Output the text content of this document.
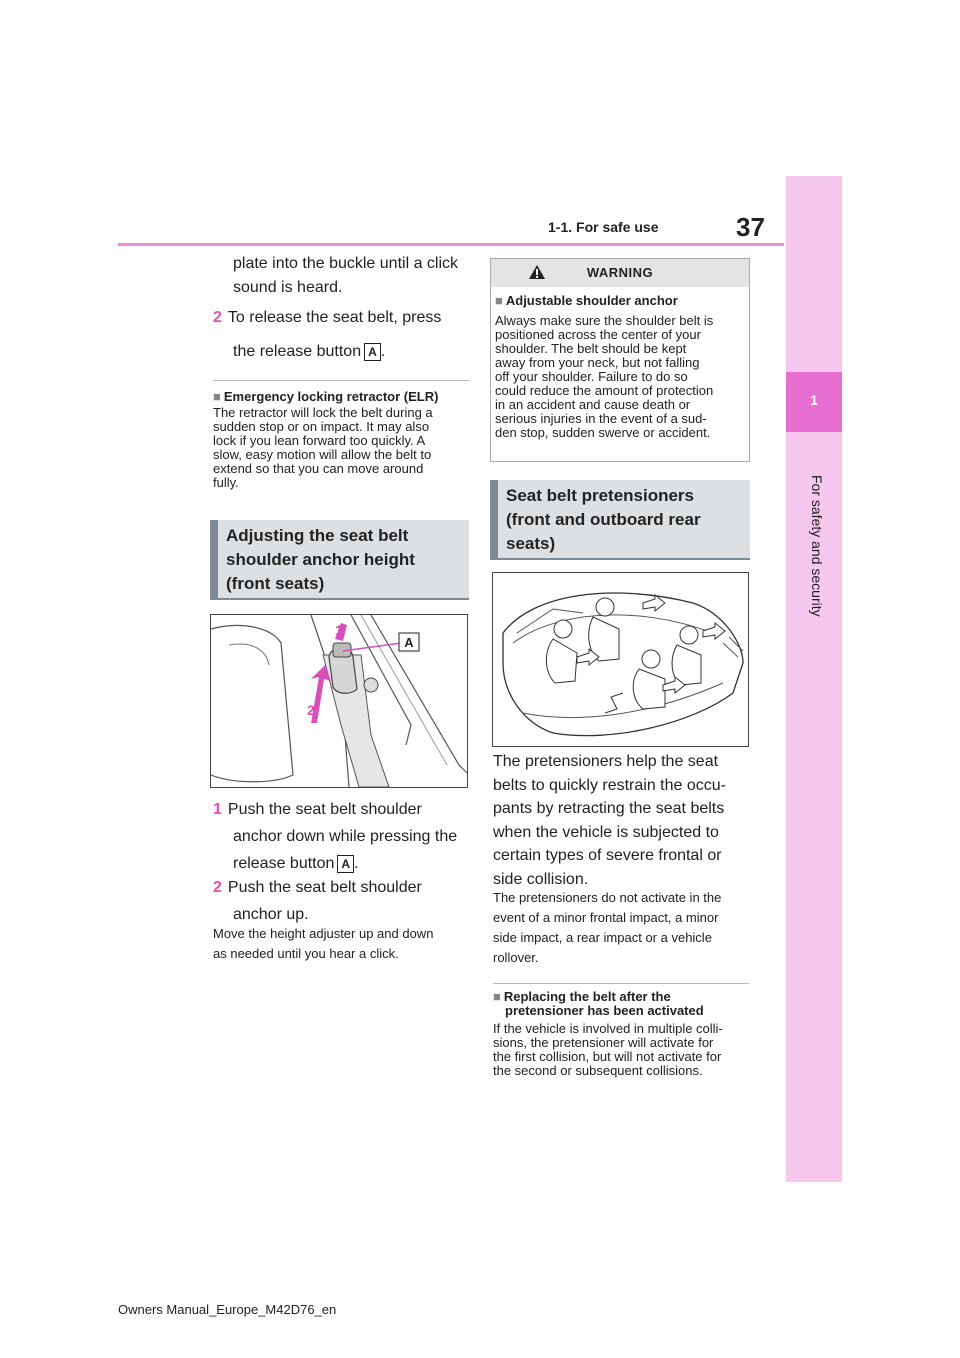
1-1. For safe use	37
1
For safety and security
plate into the buckle until a click
sound is heard.
2 To release the seat belt, press
the release button A .
■ Emergency locking retractor (ELR)
The retractor will lock the belt during a
sudden stop or on impact. It may also
lock if you lean forward too quickly. A
slow, easy motion will allow the belt to
extend so that you can move around
fully.
Adjusting the seat belt
shoulder anchor height
(front seats)
A
1
2
1 Push the seat belt shoulder
anchor down while pressing the
release button A .
2 Push the seat belt shoulder
anchor up.
Move the height adjuster up and down
as needed until you hear a click.
WARNING
■ Adjustable shoulder anchor
Always make sure the shoulder belt is
positioned across the center of your
shoulder. The belt should be kept
away from your neck, but not falling
off your shoulder. Failure to do so
could reduce the amount of protection
in an accident and cause death or
serious injuries in the event of a sud-
den stop, sudden swerve or accident.
Seat belt pretensioners
(front and outboard rear
seats)
The pretensioners help the seat
belts to quickly restrain the occu-
pants by retracting the seat belts
when the vehicle is subjected to
certain types of severe frontal or
side collision.
The pretensioners do not activate in the
event of a minor frontal impact, a minor
side impact, a rear impact or a vehicle
rollover.
■ Replacing the belt after the
pretensioner has been activated
If the vehicle is involved in multiple colli-
sions, the pretensioner will activate for
the first collision, but will not activate for
the second or subsequent collisions.
Owners Manual_Europe_M42D76_en
